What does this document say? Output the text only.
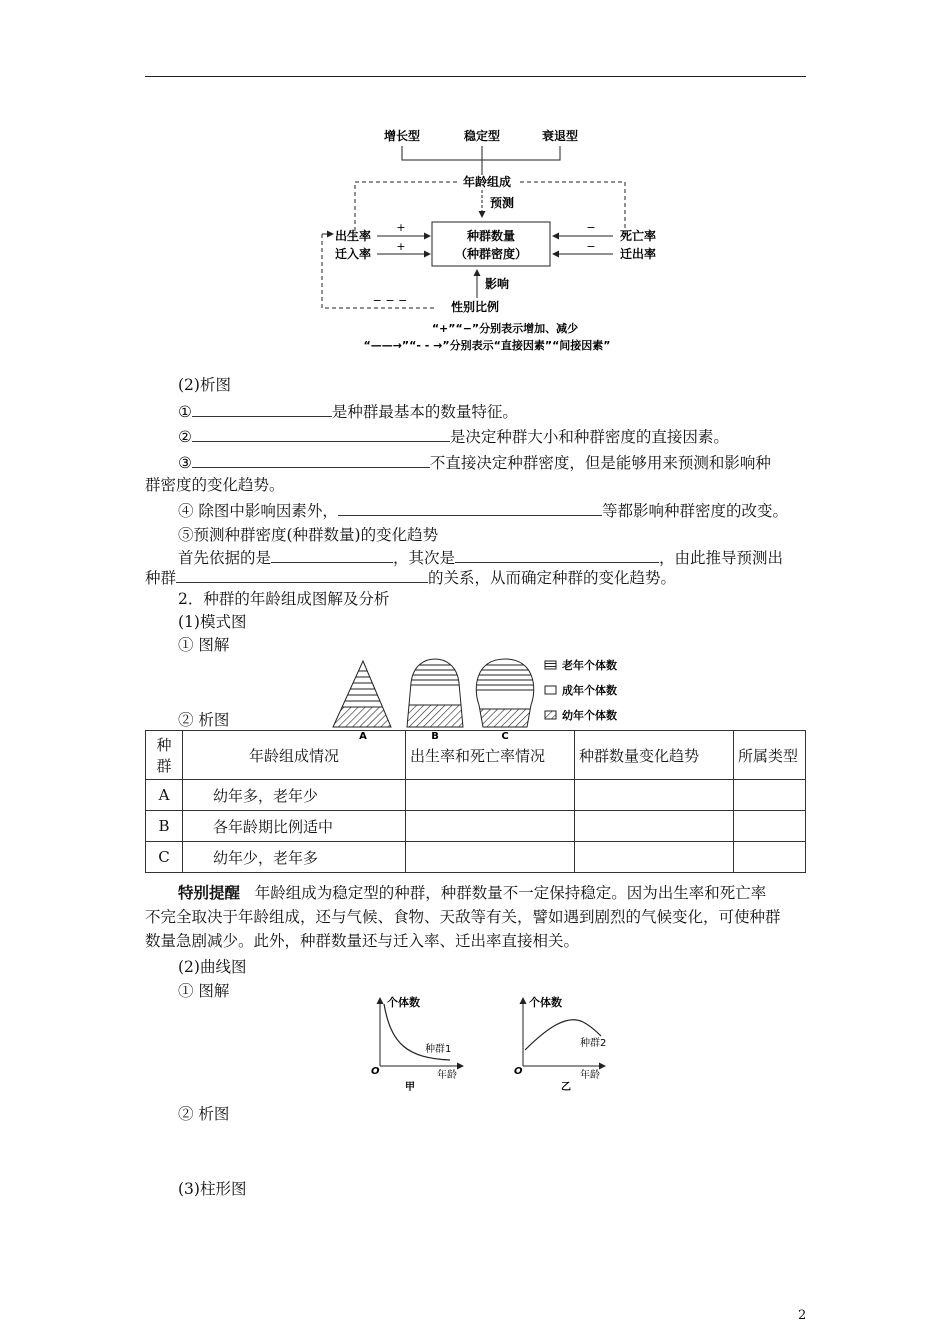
增长型	稳定型	衰退型
年龄组成
预测
种群数量
（种群密度）
出生率
迁入率
+
+
死亡率
迁出率
−
−
− − −
影响
性别比例
“+”“−”分别表示增加、减少
“——→”“- - →”分别表示“直接因素”“间接因素”
(2)析图
①	是种群最基本的数量特征。
②	是决定种群大小和种群密度的直接因素。
③	不直接决定种群密度，但是能够用来预测和影响种
群密度的变化趋势。
④ 除图中影响因素外，	等都影响种群密度的改变。
⑤预测种群密度(种群数量)的变化趋势
首先依据的是	，其次是	，由此推导预测出
种群	的关系，从而确定种群的变化趋势。
2．种群的年龄组成图解及分析
(1)模式图
① 图解
② 析图
A	B	C
老年个体数
成年个体数
幼年个体数
种群	年龄组成情况	出生率和死亡率情况	种群数量变化趋势	所属类型
A	幼年多，老年少			
B	各年龄期比例适中			
C	幼年少，老年多			
特别提醒 年龄组成为稳定型的种群，种群数量不一定保持稳定。因为出生率和死亡率
不完全取决于年龄组成，还与气候、食物、天敌等有关，譬如遇到剧烈的气候变化，可使种群
数量急剧减少。此外，种群数量还与迁入率、迁出率直接相关。
(2)曲线图
① 图解
个体数
种群1
O	年龄
甲
个体数
种群2
O	年龄
乙
② 析图
(3)柱形图
2
